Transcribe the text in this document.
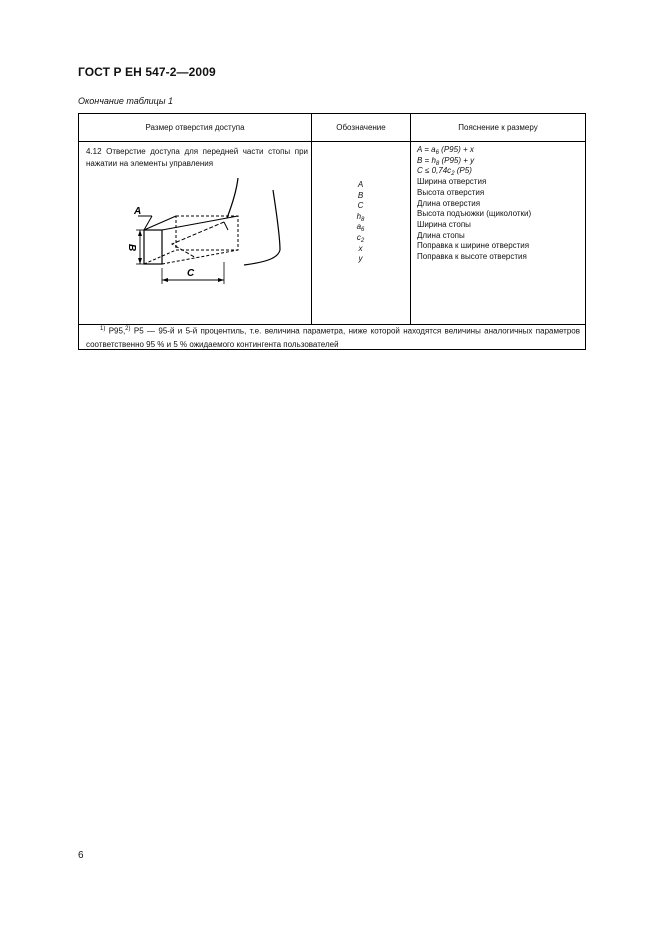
ГОСТ Р ЕН 547-2—2009
Окончание таблицы 1
Размер отверстия доступа	Обозначение	Пояснение к размеру
4.12 Отверстие доступа для передней части стопы при нажатии на элементы управления
A
B
C
$h_8$
$a_6$
$c_2$
x
y
$A = a_6$ (P95) + x
$B = h_8$ (P95) + y
$C \le 0,74c_2$ (P5)
Ширина отверстия
Высота отверстия
Длина отверстия
Высота подъюжки (щиколотки)
Ширина стопы
Длина стопы
Поправка к ширине отверстия
Поправка к высоте отверстия
$^{1)}$ P95,$^{2)}$ P5 — 95-й и 5-й процентиль, т.е. величина параметра, ниже которой находятся величины аналогичных параметров соответственно 95 % и 5 % ожидаемого контингента пользователей
A
B
C
6
